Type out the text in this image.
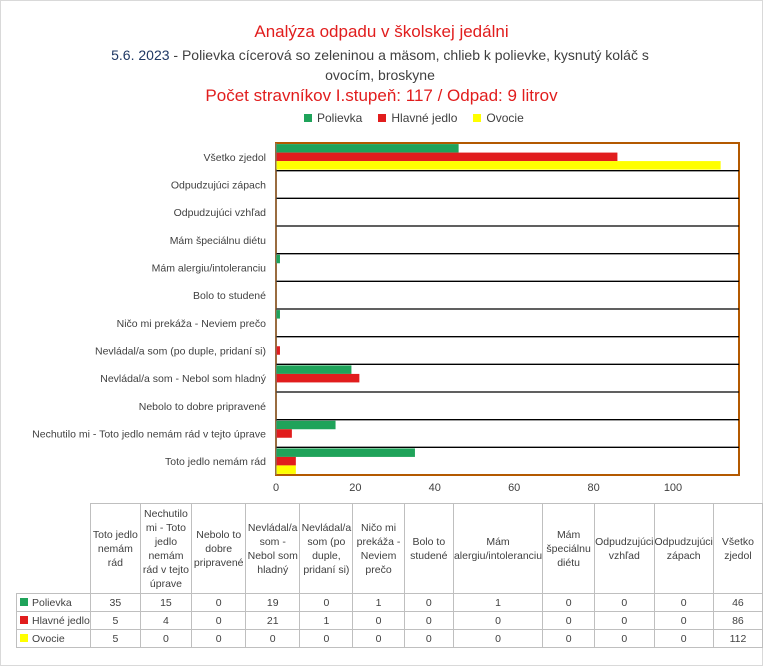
Analýza odpadu v školskej jedálni
5.6. 2023 - Polievka cícerová so zeleninou a mäsom, chlieb k polievke, kysnutý koláč s ovocím, broskyne
Počet stravníkov I.stupeň: 117 / Odpad: 9 litrov
Polievka Hlavné jedlo Ovocie
Toto jedlo nemám rád
Nechutilo mi - Toto jedlo nemám rád v tejto úprave
Nebolo to dobre pripravené
Nevládal/a som - Nebol som hladný
Nevládal/a som (po duple, pridaní si)
Ničo mi prekáža - Neviem prečo
Bolo to studené
Mám alergiu/intoleranciu
Mám špeciálnu diétu
Odpudzujúci vzhľad
Odpudzujúci zápach
Všetko zjedol
0	20	40	60	80	100
	Toto jedlo nemám rád	Nechutilo mi - Toto jedlo nemám rád v tejto úprave	Nebolo to dobre pripravené	Nevládal/a som - Nebol som hladný	Nevládal/a som (po duple, pridaní si)	Ničo mi prekáža - Neviem prečo	Bolo to studené	Mám alergiu/intoleranciu	Mám špeciálnu diétu	Odpudzujúci vzhľad	Odpudzujúci zápach	Všetko zjedol
Polievka	35	15	0	19	0	1	0	1	0	0	0	46
Hlavné jedlo	5	4	0	21	1	0	0	0	0	0	0	86
Ovocie	5	0	0	0	0	0	0	0	0	0	0	112
